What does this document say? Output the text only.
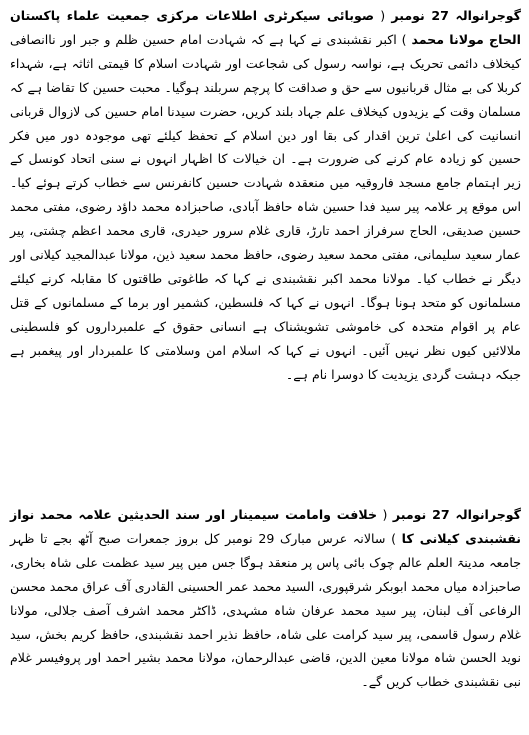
گوجرانوالہ 27 نومبر ( صوبائی سیکرٹری اطلاعات مرکزی جمعیت علماء پاکستان الحاج مولانا محمد ) اکبر نقشبندی نے کہا ہے کہ شہادت امام حسین ظلم و جبر اور ناانصافی کیخلاف دائمی تحریک ہے، نواسہ رسول کی شجاعت اور شہادت اسلام کا قیمتی اثاثہ ہے، شہداء کربلا کی بے مثال قربانیوں سے حق و صداقت کا پرچم سربلند ہوگیا۔ محبت حسین کا تقاضا ہے کہ مسلمان وقت کے یزیدوں کیخلاف علم جہاد بلند کریں، حضرت سیدنا امام حسین کی لازوال قربانی انسانیت کی اعلیٰ ترین اقدار کی بقا اور دین اسلام کے تحفظ کیلئے تھی موجودہ دور میں فکر حسین کو زیادہ عام کرنے کی ضرورت ہے۔ ان خیالات کا اظہار انہوں نے سنی اتحاد کونسل کے زیر اہتمام جامع مسجد فاروقیہ میں منعقدہ شہادت حسین کانفرنس سے خطاب کرتے ہوئے کیا۔ اس موقع پر علامہ پیر سید فدا حسین شاہ حافظ آبادی، صاحبزادہ محمد داؤد رضوی، مفتی محمد حسین صدیقی، الحاج سرفراز احمد تارڑ، قاری غلام سرور حیدری، قاری محمد اعظم چشتی، پیر عمار سعید سلیمانی، مفتی محمد سعید رضوی، حافظ محمد سعید ذین، مولانا عبدالمجید کیلانی اور دیگر نے خطاب کیا۔ مولانا محمد اکبر نقشبندی نے کہا کہ طاغوتی طاقتوں کا مقابلہ کرنے کیلئے مسلمانوں کو متحد ہونا ہوگا۔ انہوں نے کہا کہ فلسطین، کشمیر اور برما کے مسلمانوں کے قتل عام پر اقوام متحدہ کی خاموشی تشویشناک ہے انسانی حقوق کے علمبرداروں کو فلسطینی ملالائیں کیوں نظر نہیں آئیں۔ انہوں نے کہا کہ اسلام امن وسلامتی کا علمبردار اور پیغمبر ہے جبکہ دہشت گردی یزیدیت کا دوسرا نام ہے۔

گوجرانوالہ 27 نومبر ( خلافت وامامت سیمینار اور سند الحدیثین علامہ محمد نواز نقشبندی کیلانی کا ) سالانہ عرس مبارک 29 نومبر کل بروز جمعرات صبح آٹھ بجے تا ظہر جامعہ مدینۃ العلم عالم چوک بائی پاس پر منعقد ہوگا جس میں پیر سید عظمت علی شاہ بخاری، صاحبزادہ میاں محمد ابوبکر شرقپوری، السید محمد عمر الحسینی القادری آف عراق محمد محسن الرفاعی آف لبنان، پیر سید محمد عرفان شاہ مشہدی، ڈاکٹر محمد اشرف آصف جلالی، مولانا غلام رسول قاسمی، پیر سید کرامت علی شاہ، حافظ نذیر احمد نقشبندی، حافظ کریم بخش، سید نوید الحسن شاہ مولانا معین الدین، قاضی عبدالرحمان، مولانا محمد بشیر احمد اور پروفیسر غلام نبی نقشبندی خطاب کریں گے۔
